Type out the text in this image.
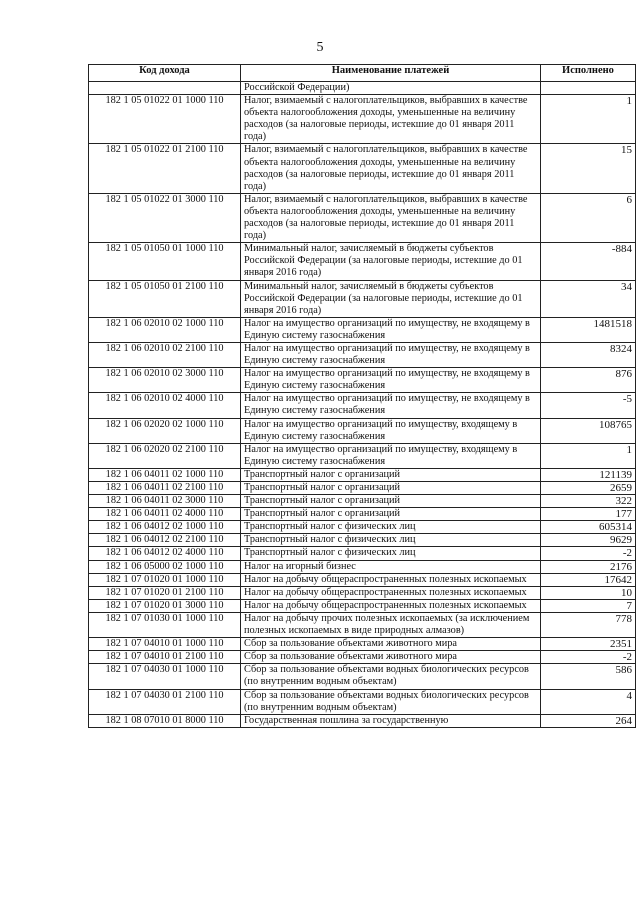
5
Код дохода	Наименование платежей	Исполнено
	Российской Федерации)	
182 1 05 01022 01 1000 110	Налог, взимаемый с налогоплательщиков, выбравших в качестве объекта налогообложения доходы, уменьшенные на величину расходов (за налоговые периоды, истекшие до 01 января 2011 года)	1
182 1 05 01022 01 2100 110	Налог, взимаемый с налогоплательщиков, выбравших в качестве объекта налогообложения доходы, уменьшенные на величину расходов (за налоговые периоды, истекшие до 01 января 2011 года)	15
182 1 05 01022 01 3000 110	Налог, взимаемый с налогоплательщиков, выбравших в качестве объекта налогообложения доходы, уменьшенные на величину расходов (за налоговые периоды, истекшие до 01 января 2011 года)	6
182 1 05 01050 01 1000 110	Минимальный налог, зачисляемый в бюджеты субъектов Российской Федерации (за налоговые периоды, истекшие до 01 января 2016 года)	-884
182 1 05 01050 01 2100 110	Минимальный налог, зачисляемый в бюджеты субъектов Российской Федерации (за налоговые периоды, истекшие до 01 января 2016 года)	34
182 1 06 02010 02 1000 110	Налог на имущество организаций по имуществу, не входящему в Единую систему газоснабжения	1481518
182 1 06 02010 02 2100 110	Налог на имущество организаций по имуществу, не входящему в Единую систему газоснабжения	8324
182 1 06 02010 02 3000 110	Налог на имущество организаций по имуществу, не входящему в Единую систему газоснабжения	876
182 1 06 02010 02 4000 110	Налог на имущество организаций по имуществу, не входящему в Единую систему газоснабжения	-5
182 1 06 02020 02 1000 110	Налог на имущество организаций по имуществу, входящему в Единую систему газоснабжения	108765
182 1 06 02020 02 2100 110	Налог на имущество организаций по имуществу, входящему в Единую систему газоснабжения	1
182 1 06 04011 02 1000 110	Транспортный налог с организаций	121139
182 1 06 04011 02 2100 110	Транспортный налог с организаций	2659
182 1 06 04011 02 3000 110	Транспортный налог с организаций	322
182 1 06 04011 02 4000 110	Транспортный налог с организаций	177
182 1 06 04012 02 1000 110	Транспортный налог с физических лиц	605314
182 1 06 04012 02 2100 110	Транспортный налог с физических лиц	9629
182 1 06 04012 02 4000 110	Транспортный налог с физических лиц	-2
182 1 06 05000 02 1000 110	Налог на игорный бизнес	2176
182 1 07 01020 01 1000 110	Налог на добычу общераспространенных полезных ископаемых	17642
182 1 07 01020 01 2100 110	Налог на добычу общераспространенных полезных ископаемых	10
182 1 07 01020 01 3000 110	Налог на добычу общераспространенных полезных ископаемых	7
182 1 07 01030 01 1000 110	Налог на добычу прочих полезных ископаемых (за исключением полезных ископаемых в виде природных алмазов)	778
182 1 07 04010 01 1000 110	Сбор за пользование объектами животного мира	2351
182 1 07 04010 01 2100 110	Сбор за пользование объектами животного мира	-2
182 1 07 04030 01 1000 110	Сбор за пользование объектами водных биологических ресурсов (по внутренним водным объектам)	586
182 1 07 04030 01 2100 110	Сбор за пользование объектами водных биологических ресурсов (по внутренним водным объектам)	4
182 1 08 07010 01 8000 110	Государственная пошлина за государственную	264
